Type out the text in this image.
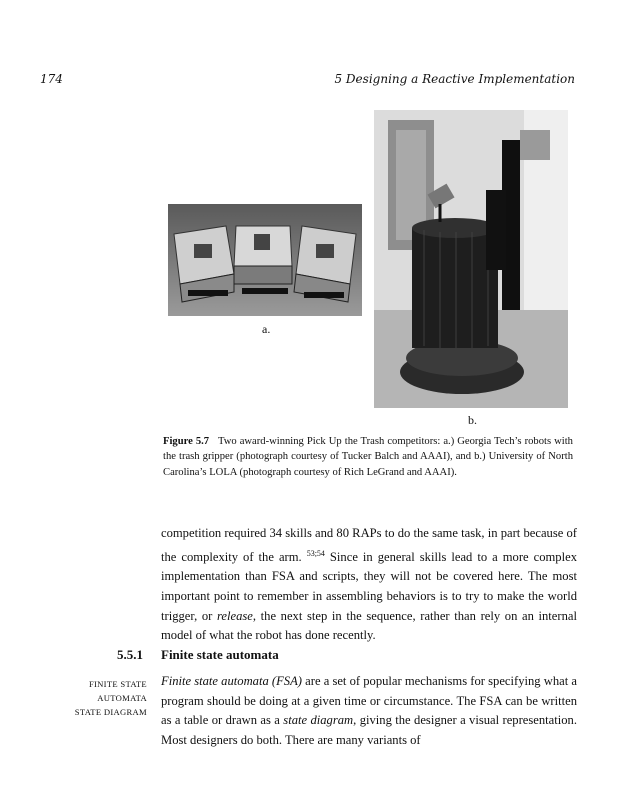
174	5 Designing a Reactive Implementation
a.
b.
Figure 5.7 Two award-winning Pick Up the Trash competitors: a.) Georgia Tech’s robots with the trash gripper (photograph courtesy of Tucker Balch and AAAI), and b.) University of North Carolina’s LOLA (photograph courtesy of Rich LeGrand and AAAI).
competition required 34 skills and 80 RAPs to do the same task, in part because of the complexity of the arm. $^{53;54}$ Since in general skills lead to a more complex implementation than FSA and scripts, they will not be covered here. The most important point to remember in assembling behaviors is to try to make the world trigger, or release, the next step in the sequence, rather than rely on an internal model of what the robot has done recently.
5.5.1 Finite state automata
FINITE STATE
AUTOMATA
STATE DIAGRAM
Finite state automata (FSA) are a set of popular mechanisms for specifying what a program should be doing at a given time or circumstance. The FSA can be written as a table or drawn as a state diagram, giving the designer a visual representation. Most designers do both. There are many variants of
